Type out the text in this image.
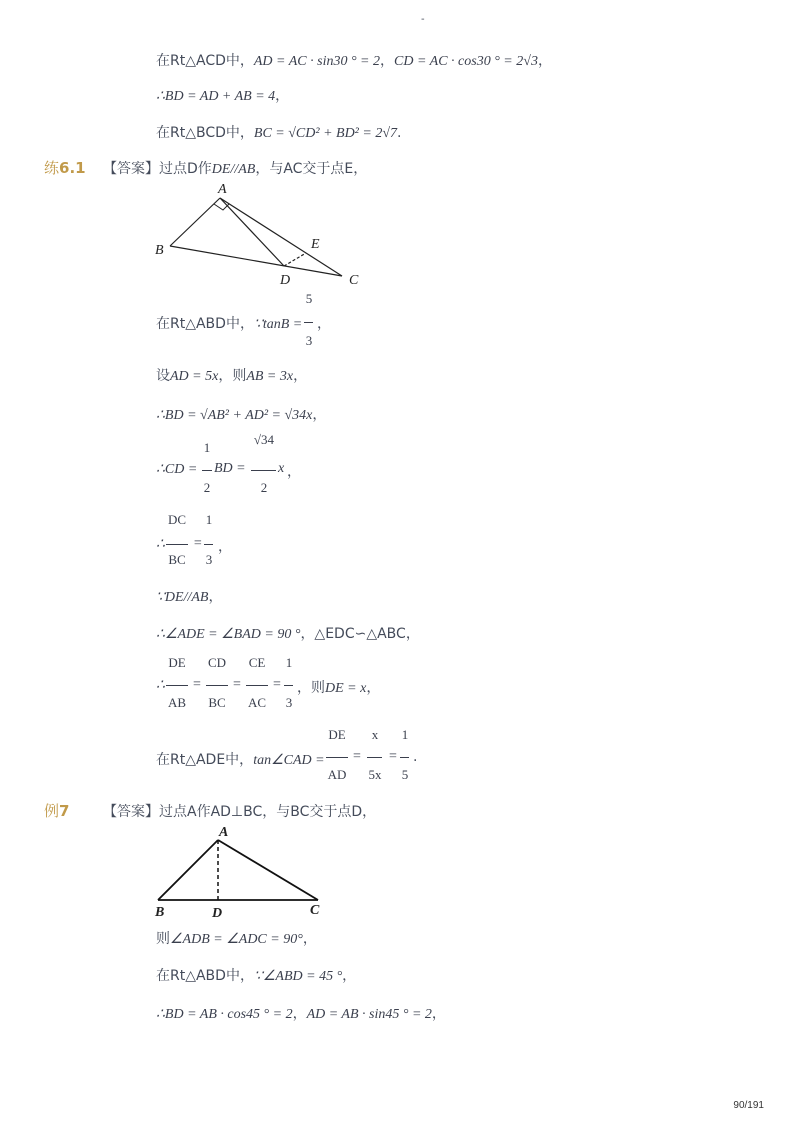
-
在Rt△ACD中，AD = AC · sin30 ° = 2，CD = AC · cos30 ° = 2√3，
∴BD = AD + AB = 4，
在Rt△BCD中，BC = √CD² + BD² = 2√7.
练6.1 【答案】过点D作DE//AB，与AC交于点E，
A
B
C
D
E
在Rt△ABD中，∵tanB =
5
3
，
设AD = 5x，则AB = 3x，
∴BD = √AB² + AD² = √34x，
∴CD =
1
2
BD =
√34
2
x ，
∴
DC
BC
=
1
3
，
∵DE//AB，
∴∠ADE = ∠BAD = 90 °，△EDC∽△ABC，
∴
DE
AB
=
CD
BC
=
CE
AC
=
1
3
，则DE = x，
在Rt△ADE中，tan∠CAD =
DE
AD
=
x
5x
=
1
5
.
例7 【答案】过点A作AD⊥BC，与BC交于点D，
A
B	C
D
则∠ADB = ∠ADC = 90°，
在Rt△ABD中，∵∠ABD = 45 °，
∴BD = AB · cos45 ° = 2，AD = AB · sin45 ° = 2，
90/191
